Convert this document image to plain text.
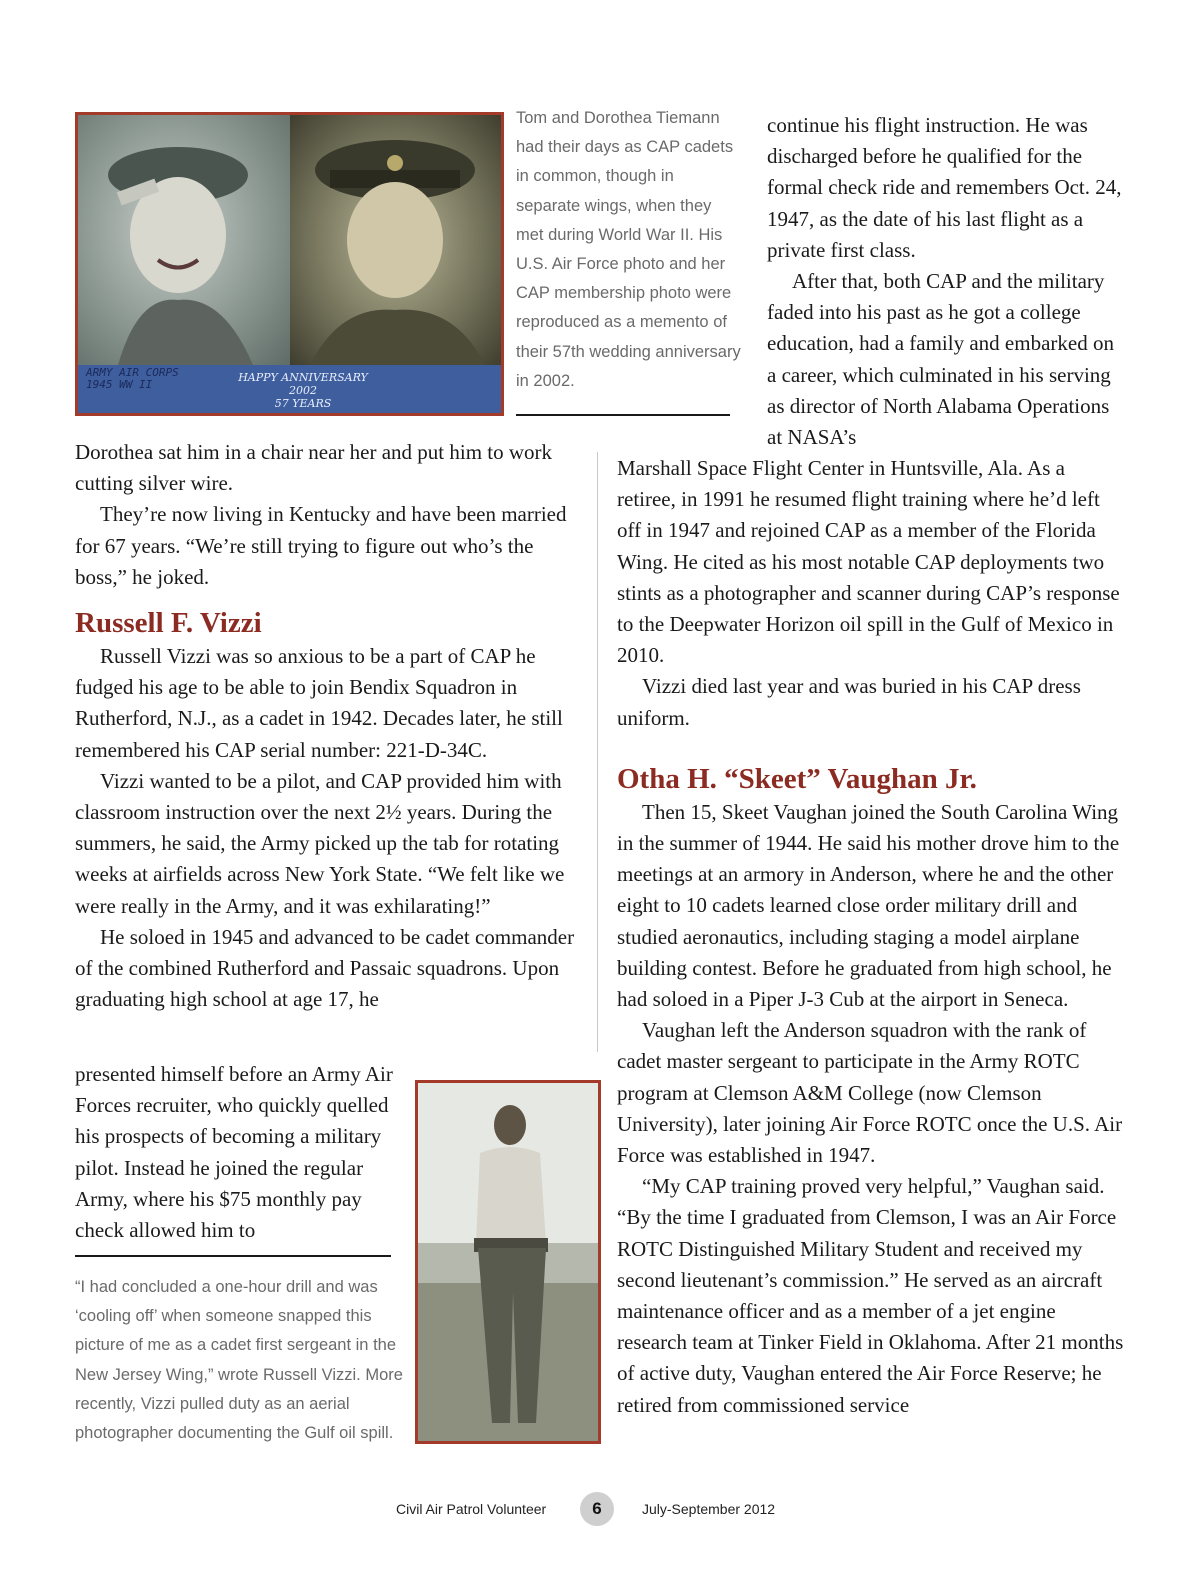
ARMY AIR CORPS
1945 WW II
HAPPY ANNIVERSARY
2002
57 YEARS
Tom and Dorothea Tiemann had their days as CAP cadets in common, though in separate wings, when they met during World War II. His U.S. Air Force photo and her CAP membership photo were reproduced as a memento of their 57th wedding anniversary in 2002.

continue his flight instruction. He was discharged before he qualified for the formal check ride and remembers Oct. 24, 1947, as the date of his last flight as a private first class.

After that, both CAP and the military faded into his past as he got a college education, had a family and embarked on a career, which culminated in his serving as director of North Alabama Operations at NASA’s

Marshall Space Flight Center in Huntsville, Ala. As a retiree, in 1991 he resumed flight training where he’d left off in 1947 and rejoined CAP as a member of the Florida Wing. He cited as his most notable CAP deployments two stints as a photographer and scanner during CAP’s response to the Deepwater Horizon oil spill in the Gulf of Mexico in 2010.

Vizzi died last year and was buried in his CAP dress uniform.

Otha H. “Skeet” Vaughan Jr.

Then 15, Skeet Vaughan joined the South Carolina Wing in the summer of 1944. He said his mother drove him to the meetings at an armory in Anderson, where he and the other eight to 10 cadets learned close order military drill and studied aeronautics, including staging a model airplane building contest. Before he graduated from high school, he had soloed in a Piper J-3 Cub at the airport in Seneca.

Vaughan left the Anderson squadron with the rank of cadet master sergeant to participate in the Army ROTC program at Clemson A&M College (now Clemson University), later joining Air Force ROTC once the U.S. Air Force was established in 1947.

“My CAP training proved very helpful,” Vaughan said. “By the time I graduated from Clemson, I was an Air Force ROTC Distinguished Military Student and received my second lieutenant’s commission.” He served as an aircraft maintenance officer and as a member of a jet engine research team at Tinker Field in Oklahoma. After 21 months of active duty, Vaughan entered the Air Force Reserve; he retired from commissioned service

Dorothea sat him in a chair near her and put him to work cutting silver wire.

They’re now living in Kentucky and have been married for 67 years. “We’re still trying to figure out who’s the boss,” he joked.

Russell F. Vizzi

Russell Vizzi was so anxious to be a part of CAP he fudged his age to be able to join Bendix Squadron in Rutherford, N.J., as a cadet in 1942. Decades later, he still remembered his CAP serial number: 221-D-34C.

Vizzi wanted to be a pilot, and CAP provided him with classroom instruction over the next 2½ years. During the summers, he said, the Army picked up the tab for rotating weeks at airfields across New York State. “We felt like we were really in the Army, and it was exhilarating!”

He soloed in 1945 and advanced to be cadet commander of the combined Rutherford and Passaic squadrons. Upon graduating high school at age 17, he

presented himself before an Army Air Forces recruiter, who quickly quelled his prospects of becoming a military pilot. Instead he joined the regular Army, where his $75 monthly pay check allowed him to
“I had concluded a one-hour drill and was ‘cooling off’ when someone snapped this picture of me as a cadet first sergeant in the New Jersey Wing,” wrote Russell Vizzi. More recently, Vizzi pulled duty as an aerial photographer documenting the Gulf oil spill.
Civil Air Patrol Volunteer	6	July-September 2012
